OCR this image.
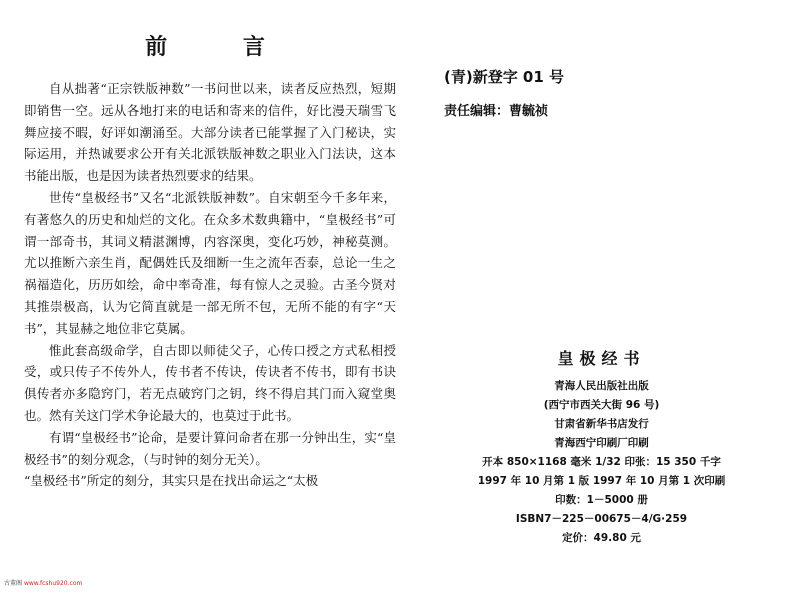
前 言

自从拙著“正宗铁版神数”一书问世以来，读者反应热烈，短期即销售一空。远从各地打来的电话和寄来的信件，好比漫天瑞雪飞舞应接不暇，好评如潮涌至。大部分读者已能掌握了入门秘诀，实际运用，并热诚要求公开有关北派铁版神数之职业入门法诀，这本书能出版，也是因为读者热烈要求的结果。

世传“皇极经书”又名“北派铁版神数”。自宋朝至今千多年来，有著悠久的历史和灿烂的文化。在众多术数典籍中，“皇极经书”可谓一部奇书，其词义精湛渊博，内容深奥，变化巧妙，神秘莫测。尤以推断六亲生肖，配偶姓氏及细断一生之流年否泰，总论一生之祸福造化，历历如绘，命中率奇准，每有惊人之灵验。古圣今贤对其推崇极高，认为它简直就是一部无所不包，无所不能的有字“天书”，其显赫之地位非它莫属。

惟此套高级命学，自古即以师徒父子，心传口授之方式私相授受，或只传子不传外人，传书者不传诀，传诀者不传书，即有书诀俱传者亦多隐窍门，若无点破窍门之钥，终不得启其门而入窥堂奥也。然有关这门学术争论最大的，也莫过于此书。

有谓“皇极经书”论命，是要计算问命者在那一分钟出生，实“皇极经书”的刻分观念，（与时钟的刻分无关）。

“皇极经书”所定的刻分，其实只是在找出命运之“太极

古董阁 www.fcshu920.com
(青)新登字 01 号
责任编辑：曹毓祯
皇极经书
青海人民出版社出版
(西宁市西关大街 96 号)
甘肃省新华书店发行
青海西宁印刷厂印刷
开本 850×1168 毫米 1/32 印张：15 350 千字
1997 年 10 月第 1 版 1997 年 10 月第 1 次印刷
印数：1－5000 册
ISBN7－225－00675－4/G·259
定价：49.80 元
